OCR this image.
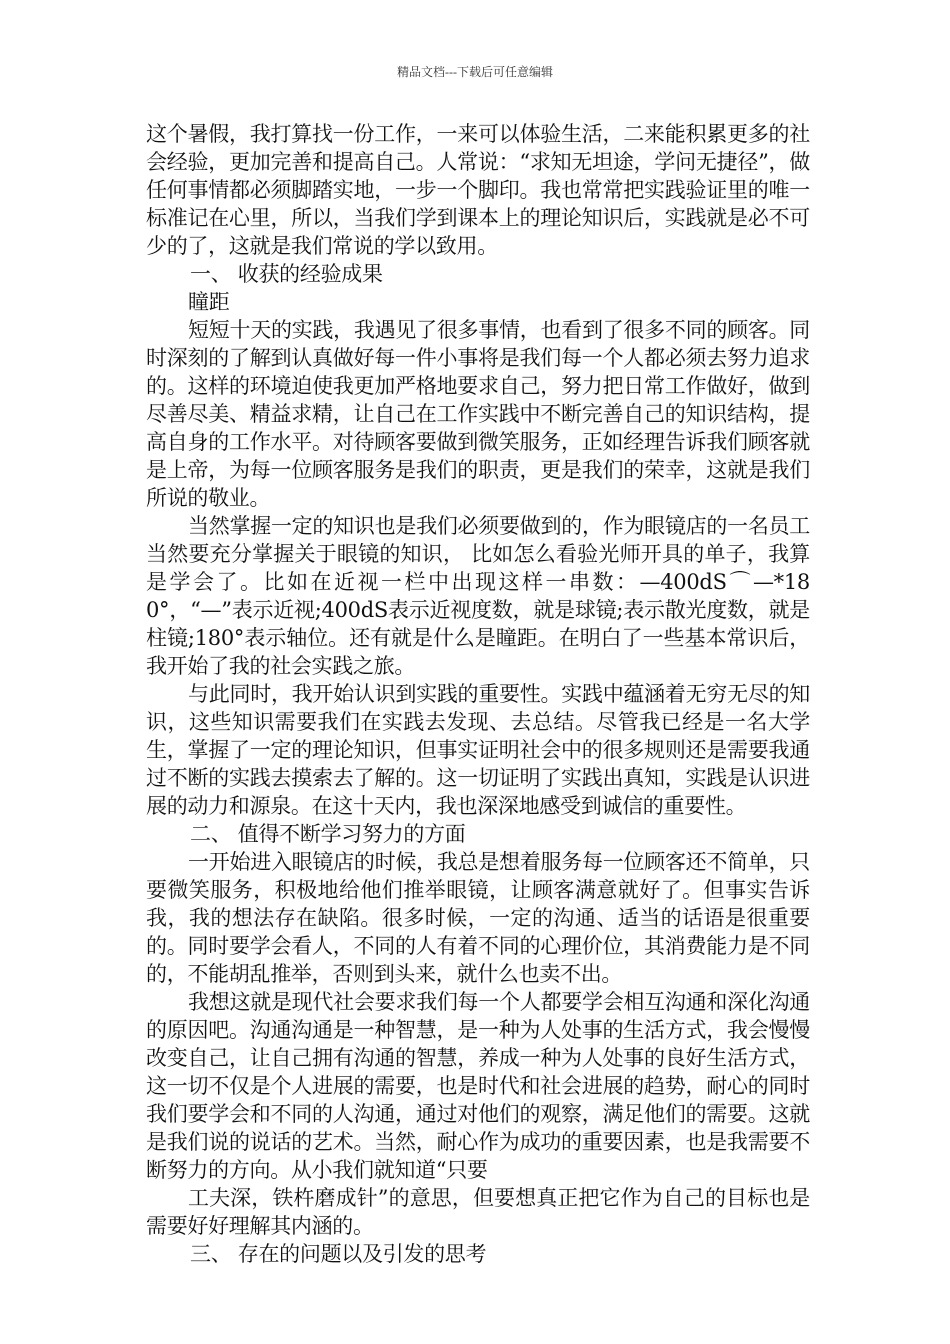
精品文档---下载后可任意编辑

这个暑假，我打算找一份工作，一来可以体验生活，二来能积累更多的社会经验，更加完善和提高自己。人常说：“求知无坦途，学问无捷径”，做任何事情都必须脚踏实地，一步一个脚印。我也常常把实践验证里的唯一标准记在心里，所以，当我们学到课本上的理论知识后，实践就是必不可少的了，这就是我们常说的学以致用。

一、 收获的经验成果

瞳距

短短十天的实践，我遇见了很多事情，也看到了很多不同的顾客。同时深刻的了解到认真做好每一件小事将是我们每一个人都必须去努力追求的。这样的环境迫使我更加严格地要求自己，努力把日常工作做好，做到尽善尽美、精益求精，让自己在工作实践中不断完善自己的知识结构，提高自身的工作水平。对待顾客要做到微笑服务，正如经理告诉我们顾客就是上帝，为每一位顾客服务是我们的职责，更是我们的荣幸，这就是我们所说的敬业。

当然掌握一定的知识也是我们必须要做到的，作为眼镜店的一名员工当然要充分掌握关于眼镜的知识， 比如怎么看验光师开具的单子，我算是学会了。比如在近视一栏中出现这样一串数：—400dS⌒—*180°，“—”表示近视;400dS表示近视度数，就是球镜;表示散光度数，就是柱镜;180°表示轴位。还有就是什么是瞳距。在明白了一些基本常识后， 我开始了我的社会实践之旅。

与此同时，我开始认识到实践的重要性。实践中蕴涵着无穷无尽的知识，这些知识需要我们在实践去发现、去总结。尽管我已经是一名大学生，掌握了一定的理论知识，但事实证明社会中的很多规则还是需要我通过不断的实践去摸索去了解的。这一切证明了实践出真知，实践是认识进展的动力和源泉。在这十天内，我也深深地感受到诚信的重要性。

二、 值得不断学习努力的方面

一开始进入眼镜店的时候，我总是想着服务每一位顾客还不简单，只要微笑服务，积极地给他们推举眼镜，让顾客满意就好了。但事实告诉我，我的想法存在缺陷。很多时候，一定的沟通、适当的话语是很重要的。同时要学会看人，不同的人有着不同的心理价位，其消费能力是不同的，不能胡乱推举，否则到头来，就什么也卖不出。

我想这就是现代社会要求我们每一个人都要学会相互沟通和深化沟通的原因吧。沟通沟通是一种智慧，是一种为人处事的生活方式，我会慢慢改变自己，让自己拥有沟通的智慧，养成一种为人处事的良好生活方式，这一切不仅是个人进展的需要，也是时代和社会进展的趋势，耐心的同时我们要学会和不同的人沟通，通过对他们的观察，满足他们的需要。这就是我们说的说话的艺术。当然，耐心作为成功的重要因素，也是我需要不断努力的方向。从小我们就知道“只要

工夫深，铁杵磨成针”的意思，但要想真正把它作为自己的目标也是需要好好理解其内涵的。

三、 存在的问题以及引发的思考
